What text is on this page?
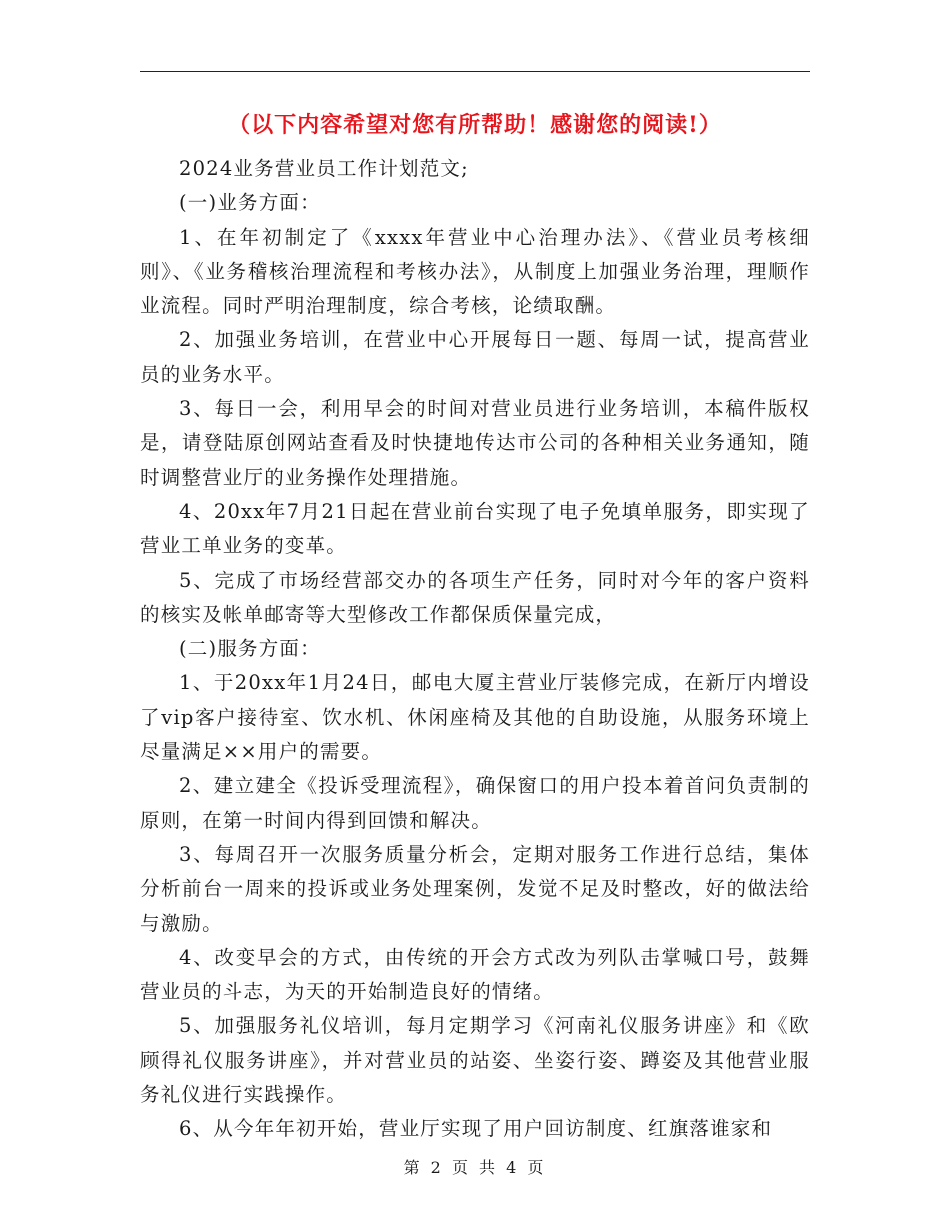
（以下内容希望对您有所帮助！感谢您的阅读!）

2024业务营业员工作计划范文;

(一)业务方面：

1、在年初制定了《xxxx年营业中心治理办法》、《营业员考核细则》、《业务稽核治理流程和考核办法》，从制度上加强业务治理，理顺作业流程。同时严明治理制度，综合考核，论绩取酬。

2、加强业务培训，在营业中心开展每日一题、每周一试，提高营业员的业务水平。

3、每日一会，利用早会的时间对营业员进行业务培训，本稿件版权是，请登陆原创网站查看及时快捷地传达市公司的各种相关业务通知，随时调整营业厅的业务操作处理措施。

4、20xx年7月21日起在营业前台实现了电子免填单服务，即实现了营业工单业务的变革。

5、完成了市场经营部交办的各项生产任务，同时对今年的客户资料的核实及帐单邮寄等大型修改工作都保质保量完成，

(二)服务方面：

1、于20xx年1月24日，邮电大厦主营业厅装修完成，在新厅内增设了vip客户接待室、饮水机、休闲座椅及其他的自助设施，从服务环境上尽量满足××用户的需要。

2、建立建全《投诉受理流程》，确保窗口的用户投本着首问负责制的原则，在第一时间内得到回馈和解决。

3、每周召开一次服务质量分析会，定期对服务工作进行总结，集体分析前台一周来的投诉或业务处理案例，发觉不足及时整改，好的做法给与激励。

4、改变早会的方式，由传统的开会方式改为列队击掌喊口号，鼓舞营业员的斗志，为天的开始制造良好的情绪。

5、加强服务礼仪培训，每月定期学习《河南礼仪服务讲座》和《欧顾得礼仪服务讲座》，并对营业员的站姿、坐姿行姿、蹲姿及其他营业服务礼仪进行实践操作。

6、从今年年初开始，营业厅实现了用户回访制度、红旗落谁家和

第 2 页 共 4 页
